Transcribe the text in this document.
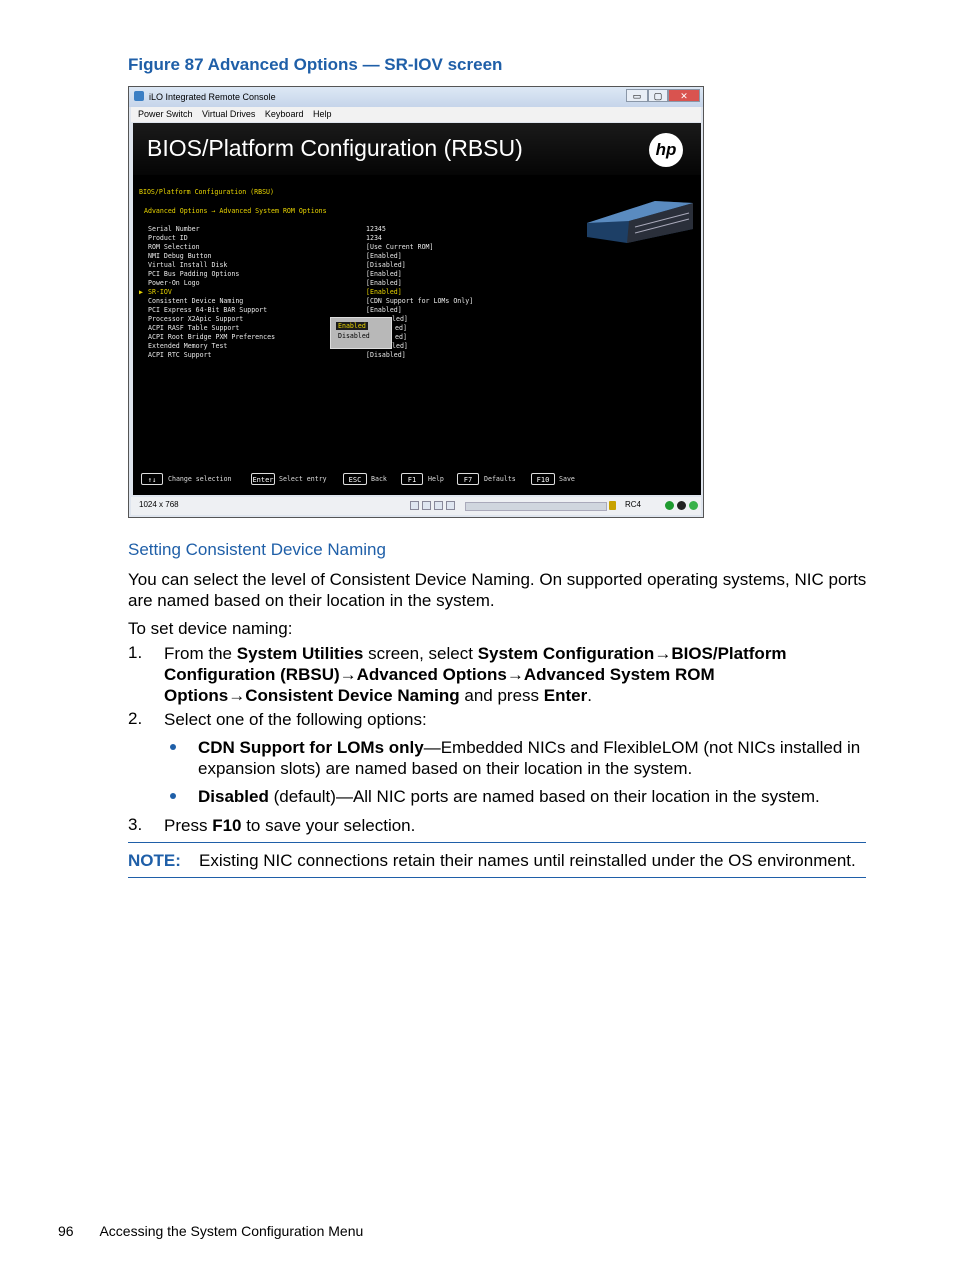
Figure 87 Advanced Options — SR-IOV screen
iLO Integrated Remote Console	▭	▢	✕
Power Switch Virtual Drives Keyboard Help
BIOS/Platform Configuration (RBSU)	hp
BIOS/Platform Configuration (RBSU)
Advanced Options → Advanced System ROM Options
Serial Number	12345
Product ID	1234
ROM Selection	[Use Current ROM]
NMI Debug Button	[Enabled]
Virtual Install Disk	[Disabled]
PCI Bus Padding Options	[Enabled]
Power-On Logo	[Enabled]
▶ SR-IOV	[Enabled]
Consistent Device Naming	[CDN Support for LOMs Only]
PCI Express 64-Bit BAR Support	[Enabled]
Processor X2Apic Support	led]
ACPI RASF Table Support	ed]
ACPI Root Bridge PXM Preferences	ed]
Extended Memory Test	led]
ACPI RTC Support	[Disabled]
Enabled
Disabled
↑↓	Change selection	Enter Select entry	ESC	Back	F1	Help	F7	Defaults	F10	Save
1024 x 768	RC4
Setting Consistent Device Naming
You can select the level of Consistent Device Naming. On supported operating systems, NIC ports are named based on their location in the system.
To set device naming:
1. From the System Utilities screen, select System Configuration→BIOS/Platform Configuration (RBSU)→Advanced Options→Advanced System ROM Options→Consistent Device Naming and press Enter.
2. Select one of the following options:
CDN Support for LOMs only—Embedded NICs and FlexibleLOM (not NICs installed in expansion slots) are named based on their location in the system.
Disabled (default)—All NIC ports are named based on their location in the system.
3. Press F10 to save your selection.
NOTE: Existing NIC connections retain their names until reinstalled under the OS environment.
96 Accessing the System Configuration Menu
